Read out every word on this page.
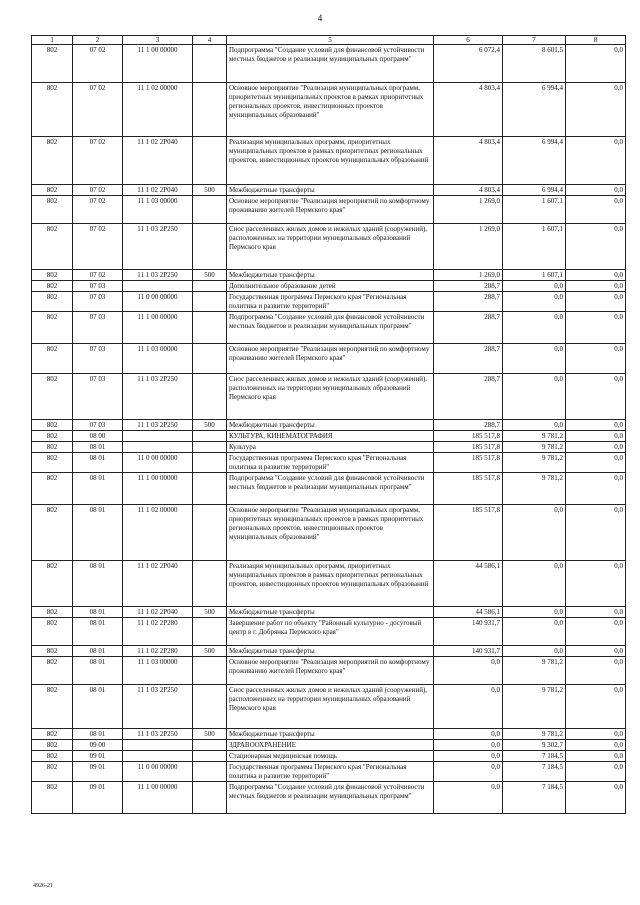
4
1	2	3	4	5	6	7	8
802	07 02	11 1 00 00000		Подпрограмма "Создание условий для финансовой устойчивости местных бюджетов и реализации муниципальных программ"	6 072,4	8 601,5	0,0
802	07 02	11 1 02 00000		Основное мероприятие "Реализация муниципальных программ, приоритетных муниципальных проектов в рамках приоритетных региональных проектов, инвестиционных проектов муниципальных образований"	4 803,4	6 994,4	0,0
802	07 02	11 1 02 2Р040		Реализация муниципальных программ, приоритетных муниципальных проектов в рамках приоритетных региональных проектов, инвестиционных проектов муниципальных образований	4 803,4	6 994,4	0,0
802	07 02	11 1 02 2Р040	500	Межбюджетные трансферты	4 803,4	6 994,4	0,0
802	07 02	11 1 03 00000		Основное мероприятие "Реализация мероприятий по комфортному проживанию жителей Пермского края"	1 269,0	1 607,1	0,0
802	07 02	11 1 03 2Р250		Снос расселенных жилых домов и нежилых зданий (сооружений), расположенных на территории муниципальных образований Пермского края	1 269,0	1 607,1	0,0
802	07 02	11 1 03 2Р250	500	Межбюджетные трансферты	1 269,0	1 607,1	0,0
802	07 03			Дополнительное образование детей	288,7	0,0	0,0
802	07 03	11 0 00 00000		Государственная программа Пермского края "Региональная политика и развитие территорий"	288,7	0,0	0,0
802	07 03	11 1 00 00000		Подпрограмма "Создание условий для финансовой устойчивости местных бюджетов и реализации муниципальных программ"	288,7	0,0	0,0
802	07 03	11 1 03 00000		Основное мероприятие "Реализация мероприятий по комфортному проживанию жителей Пермского края"	288,7	0,0	0,0
802	07 03	11 1 03 2Р250		Снос расселенных жилых домов и нежилых зданий (сооружений), расположенных на территории муниципальных образований Пермского края	288,7	0,0	0,0
802	07 03	11 1 03 2Р250	500	Межбюджетные трансферты	288,7	0,0	0,0
802	08 00			КУЛЬТУРА, КИНЕМАТОГРАФИЯ	185 517,8	9 781,2	0,0
802	08 01			Культура	185 517,8	9 781,2	0,0
802	08 01	11 0 00 00000		Государственная программа Пермского края "Региональная политика и развитие территорий"	185 517,8	9 781,2	0,0
802	08 01	11 1 00 00000		Подпрограмма "Создание условий для финансовой устойчивости местных бюджетов и реализации муниципальных программ"	185 517,8	9 781,2	0,0
802	08 01	11 1 02 00000		Основное мероприятие "Реализация муниципальных программ, приоритетных муниципальных проектов в рамках приоритетных региональных проектов, инвестиционных проектов муниципальных образований"	185 517,8	0,0	0,0
802	08 01	11 1 02 2Р040		Реализация муниципальных программ, приоритетных муниципальных проектов в рамках приоритетных региональных проектов, инвестиционных проектов муниципальных образований	44 586,1	0,0	0,0
802	08 01	11 1 02 2Р040	500	Межбюджетные трансферты	44 586,1	0,0	0,0
802	08 01	11 1 02 2Р280		Завершение работ по объекту "Районный культурно - досуговый центр в г. Добрянка Пермского края"	140 931,7	0,0	0,0
802	08 01	11 1 02 2Р280	500	Межбюджетные трансферты	140 931,7	0,0	0,0
802	08 01	11 1 03 00000		Основное мероприятие "Реализация мероприятий по комфортному проживанию жителей Пермского края"	0,0	9 781,2	0,0
802	08 01	11 1 03 2Р250		Снос расселенных жилых домов и нежилых зданий (сооружений), расположенных на территории муниципальных образований Пермского края	0,0	9 781,2	0,0
802	08 01	11 1 03 2Р250	500	Межбюджетные трансферты	0,0	9 781,2	0,0
802	09 00			ЗДРАВООХРАНЕНИЕ	0,0	9 302,7	0,0
802	09 01			Стационарная медицинская помощь	0,0	7 184,5	0,0
802	09 01	11 0 00 00000		Государственная программа Пермского края "Региональная политика и развитие территорий"	0,0	7 184,5	0,0
802	09 01	11 1 00 00000		Подпрограмма "Создание условий для финансовой устойчивости местных бюджетов и реализации муниципальных программ"	0,0	7 184,5	0,0
4926-21
